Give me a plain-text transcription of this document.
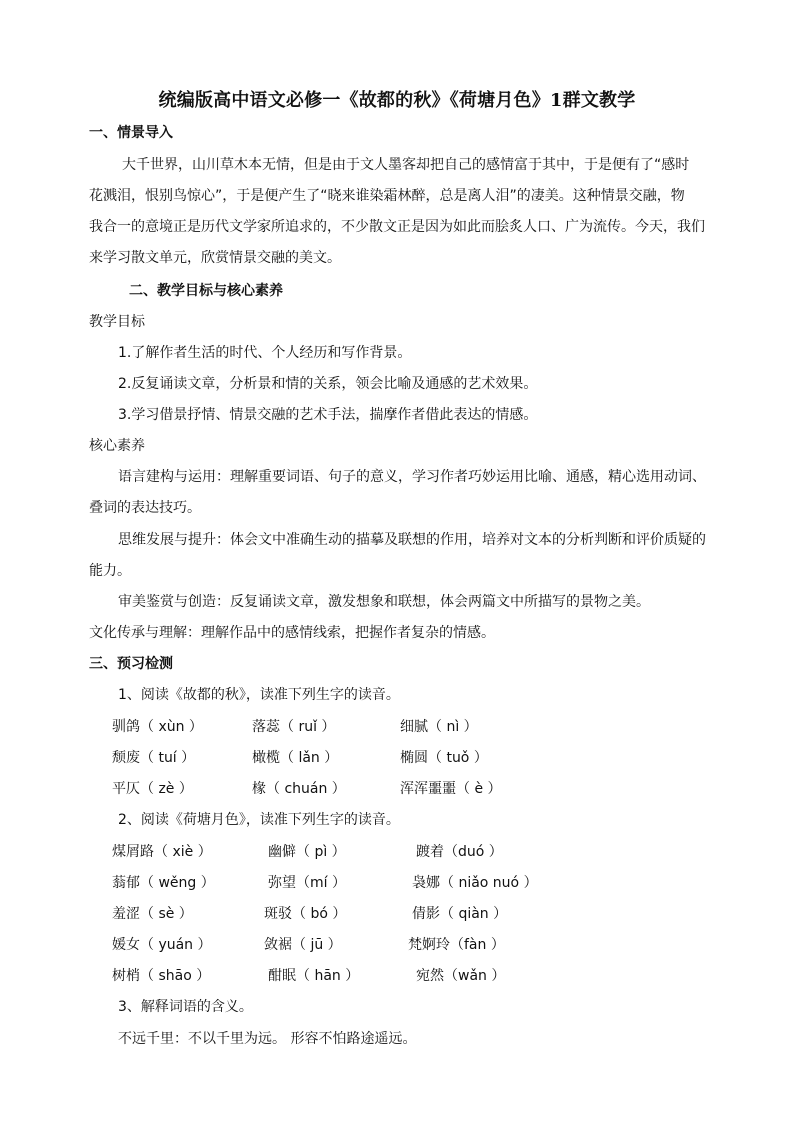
统编版高中语文必修一《故都的秋》《荷塘月色》1群文教学
一、情景导入
大千世界，山川草木本无情，但是由于文人墨客却把自己的感情富于其中，于是便有了“感时
花溅泪，恨别鸟惊心”，于是便产生了“晓来谁染霜林醉，总是离人泪”的凄美。这种情景交融，物
我合一的意境正是历代文学家所追求的，不少散文正是因为如此而脍炙人口、广为流传。今天，我们
来学习散文单元，欣赏情景交融的美文。
二、教学目标与核心素养
教学目标
1.了解作者生活的时代、个人经历和写作背景。
2.反复诵读文章，分析景和情的关系，领会比喻及通感的艺术效果。
3.学习借景抒情、情景交融的艺术手法，揣摩作者借此表达的情感。
核心素养
语言建构与运用：理解重要词语、句子的意义，学习作者巧妙运用比喻、通感，精心选用动词、
叠词的表达技巧。
思维发展与提升：体会文中准确生动的描摹及联想的作用，培养对文本的分析判断和评价质疑的
能力。
审美鉴赏与创造：反复诵读文章，激发想象和联想，体会两篇文中所描写的景物之美。
文化传承与理解：理解作品中的感情线索，把握作者复杂的情感。
三、预习检测
1、阅读《故都的秋》，读准下列生字的读音。
驯鸽（ xùn ）	落蕊（ ruǐ ）	细腻（ nì ）
颓废（ tuí ）	橄榄（ lǎn ）	椭圆（ tuǒ ）
平仄（ zè ）	椽（ chuán ）	浑浑噩噩（ è ）
2、阅读《荷塘月色》，读准下列生字的读音。
煤屑路（ xiè ）	幽僻（ pì ）	踱着（duó ）
蓊郁（ wěng ）	弥望（mí ）	袅娜（ niǎo nuó ）
羞涩（ sè ）	斑驳（ bó ）	倩影（ qiàn ）
媛女（ yuán ）	敛裾（ jū ）	梵婀玲（fàn ）
树梢（ shāo ）	酣眠（ hān ）	宛然（wǎn ）
3、解释词语的含义。
不远千里：不以千里为远。 形容不怕路途遥远。
